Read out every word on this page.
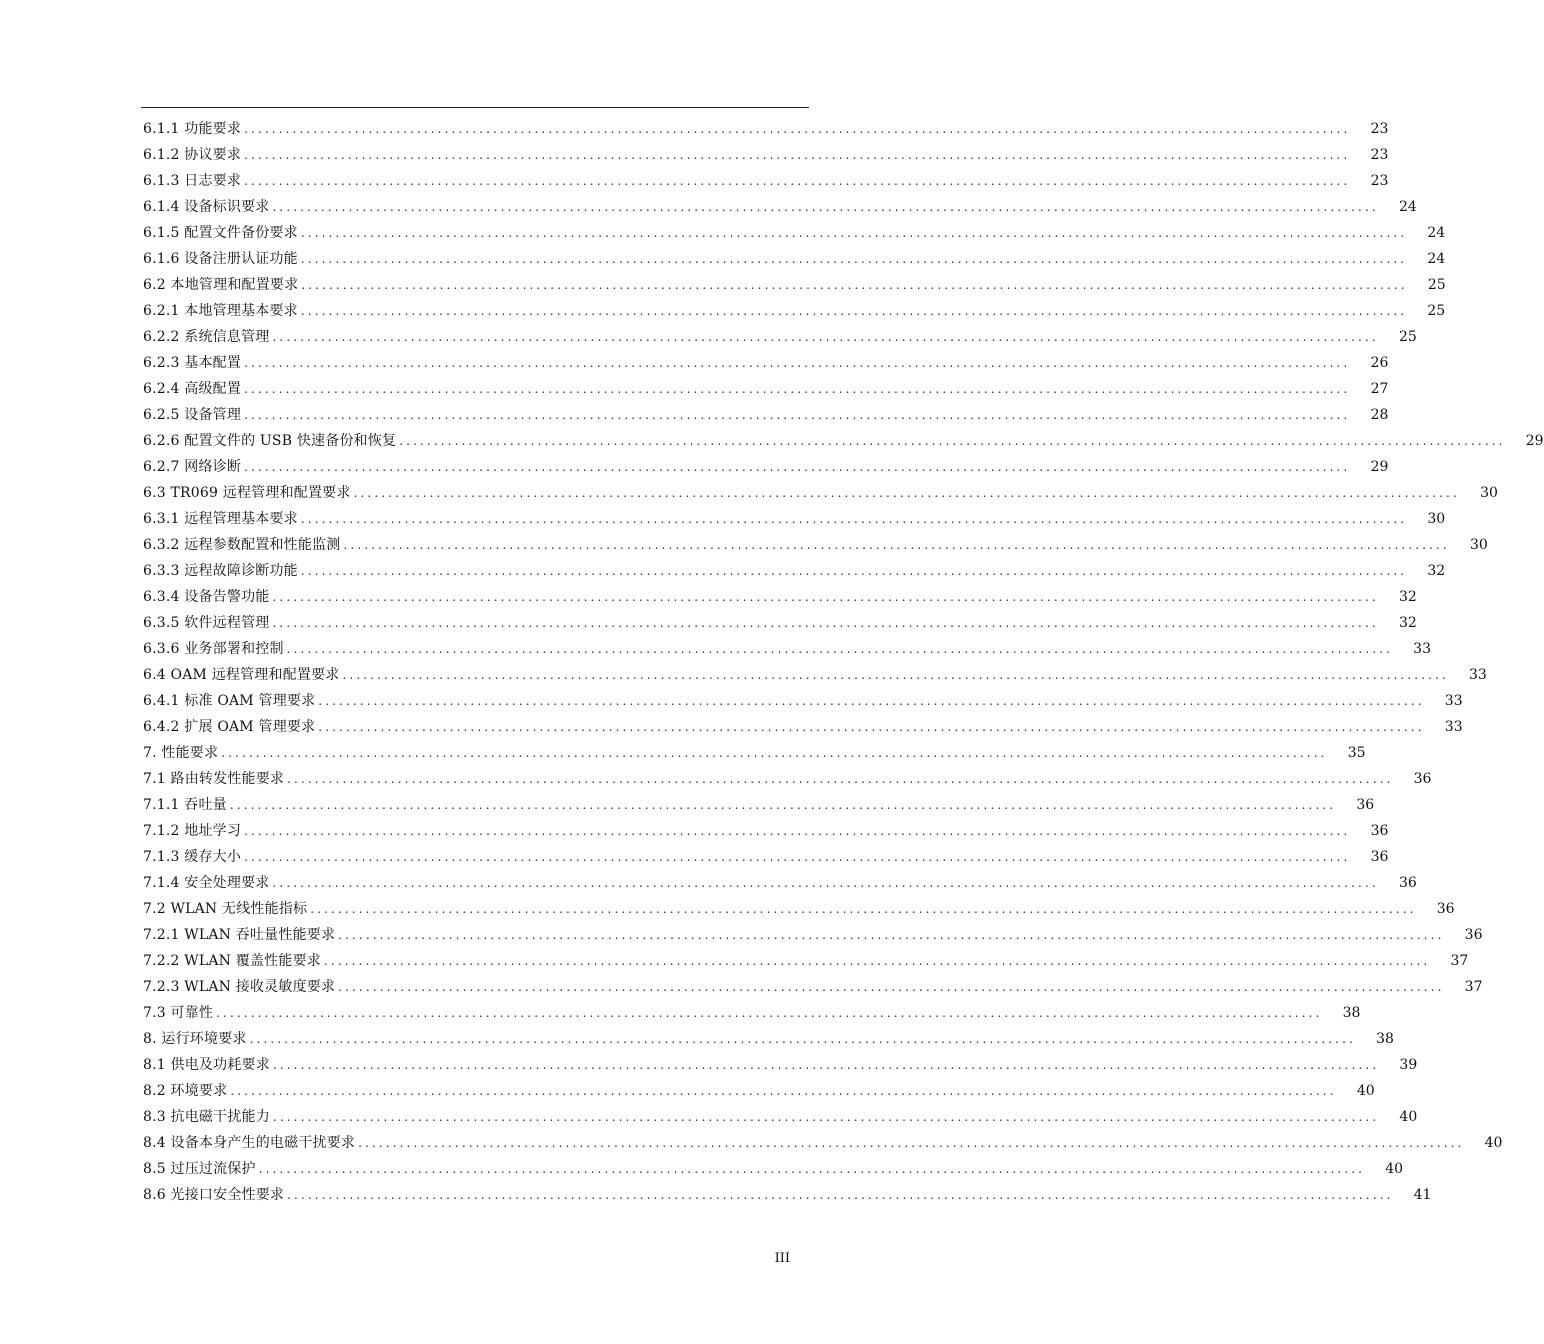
6.1.1 功能要求 ................................................................................................................................................................	23
6.1.2 协议要求 ................................................................................................................................................................	23
6.1.3 日志要求 ................................................................................................................................................................	23
6.1.4 设备标识要求 ................................................................................................................................................................	24
6.1.5 配置文件备份要求 ................................................................................................................................................................	24
6.1.6 设备注册认证功能 ................................................................................................................................................................	24
6.2 本地管理和配置要求 ................................................................................................................................................................	25
6.2.1 本地管理基本要求 ................................................................................................................................................................	25
6.2.2 系统信息管理 ................................................................................................................................................................	25
6.2.3 基本配置 ................................................................................................................................................................	26
6.2.4 高级配置 ................................................................................................................................................................	27
6.2.5 设备管理 ................................................................................................................................................................	28
6.2.6 配置文件的 USB 快速备份和恢复 ................................................................................................................................................................	29
6.2.7 网络诊断 ................................................................................................................................................................	29
6.3 TR069 远程管理和配置要求 ................................................................................................................................................................	30
6.3.1 远程管理基本要求 ................................................................................................................................................................	30
6.3.2 远程参数配置和性能监测 ................................................................................................................................................................	30
6.3.3 远程故障诊断功能 ................................................................................................................................................................	32
6.3.4 设备告警功能 ................................................................................................................................................................	32
6.3.5 软件远程管理 ................................................................................................................................................................	32
6.3.6 业务部署和控制 ................................................................................................................................................................	33
6.4 OAM 远程管理和配置要求 ................................................................................................................................................................	33
6.4.1 标准 OAM 管理要求 ................................................................................................................................................................	33
6.4.2 扩展 OAM 管理要求 ................................................................................................................................................................	33
7. 性能要求 ................................................................................................................................................................	35
7.1 路由转发性能要求 ................................................................................................................................................................	36
7.1.1 吞吐量 ................................................................................................................................................................	36
7.1.2 地址学习 ................................................................................................................................................................	36
7.1.3 缓存大小 ................................................................................................................................................................	36
7.1.4 安全处理要求 ................................................................................................................................................................	36
7.2 WLAN 无线性能指标 ................................................................................................................................................................	36
7.2.1 WLAN 吞吐量性能要求 ................................................................................................................................................................	36
7.2.2 WLAN 覆盖性能要求 ................................................................................................................................................................	37
7.2.3 WLAN 接收灵敏度要求 ................................................................................................................................................................	37
7.3 可靠性 ................................................................................................................................................................	38
8. 运行环境要求 ................................................................................................................................................................	38
8.1 供电及功耗要求 ................................................................................................................................................................	39
8.2 环境要求 ................................................................................................................................................................	40
8.3 抗电磁干扰能力 ................................................................................................................................................................	40
8.4 设备本身产生的电磁干扰要求 ................................................................................................................................................................	40
8.5 过压过流保护 ................................................................................................................................................................	40
8.6 光接口安全性要求 ................................................................................................................................................................	41
III
